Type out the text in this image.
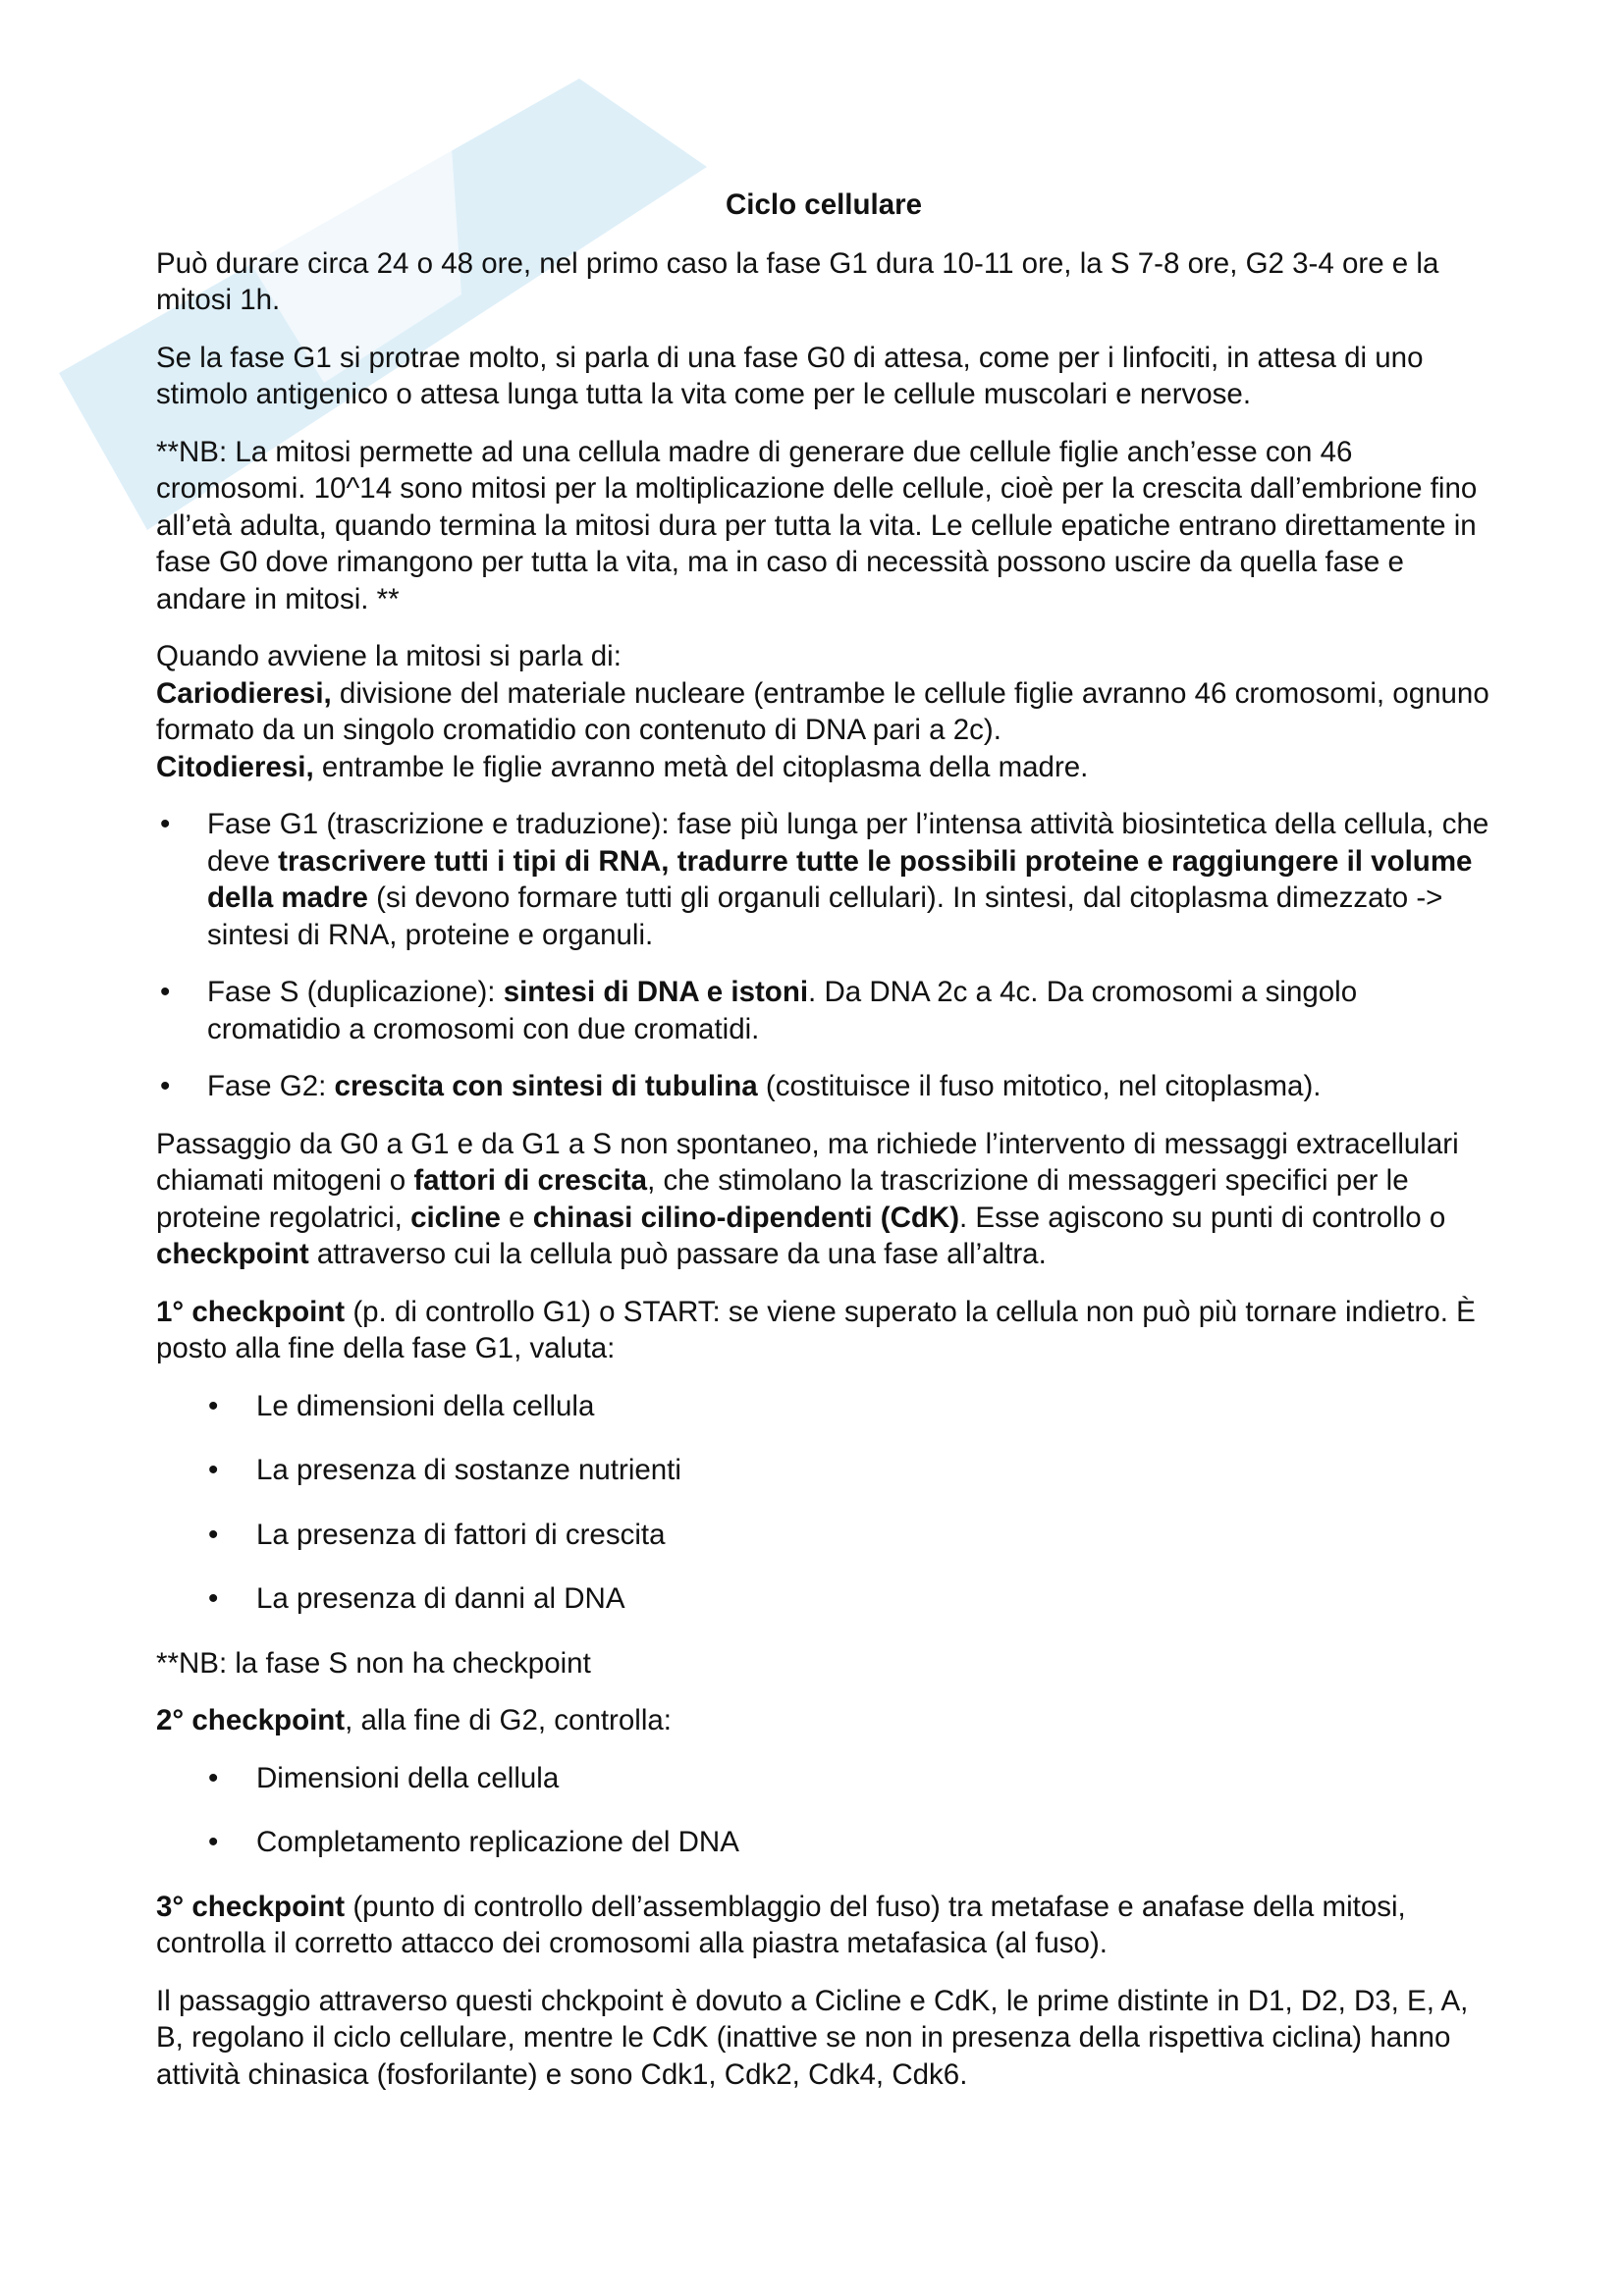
Ciclo cellulare

Può durare circa 24 o 48 ore, nel primo caso la fase G1 dura 10-11 ore, la S 7-8 ore, G2 3-4 ore e la mitosi 1h.

Se la fase G1 si protrae molto, si parla di una fase G0 di attesa, come per i linfociti, in attesa di uno stimolo antigenico o attesa lunga tutta la vita come per le cellule muscolari e nervose.

**NB: La mitosi permette ad una cellula madre di generare due cellule figlie anch’esse con 46 cromosomi. 10^14 sono mitosi per la moltiplicazione delle cellule, cioè per la crescita dall’embrione fino all’età adulta, quando termina la mitosi dura per tutta la vita. Le cellule epatiche entrano direttamente in fase G0 dove rimangono per tutta la vita, ma in caso di necessità possono uscire da quella fase e andare in mitosi. **

Quando avviene la mitosi si parla di:

Cariodieresi, divisione del materiale nucleare (entrambe le cellule figlie avranno 46 cromosomi, ognuno formato da un singolo cromatidio con contenuto di DNA pari a 2c).

Citodieresi, entrambe le figlie avranno metà del citoplasma della madre.

• Fase G1 (trascrizione e traduzione): fase più lunga per l’intensa attività biosintetica della cellula, che deve trascrivere tutti i tipi di RNA, tradurre tutte le possibili proteine e raggiungere il volume della madre (si devono formare tutti gli organuli cellulari). In sintesi, dal citoplasma dimezzato -> sintesi di RNA, proteine e organuli.
• Fase S (duplicazione): sintesi di DNA e istoni. Da DNA 2c a 4c. Da cromosomi a singolo cromatidio a cromosomi con due cromatidi.
• Fase G2: crescita con sintesi di tubulina (costituisce il fuso mitotico, nel citoplasma).

Passaggio da G0 a G1 e da G1 a S non spontaneo, ma richiede l’intervento di messaggi extracellulari chiamati mitogeni o fattori di crescita, che stimolano la trascrizione di messaggeri specifici per le proteine regolatrici, cicline e chinasi cilino-dipendenti (CdK). Esse agiscono su punti di controllo o checkpoint attraverso cui la cellula può passare da una fase all’altra.

1° checkpoint (p. di controllo G1) o START: se viene superato la cellula non può più tornare indietro. È posto alla fine della fase G1, valuta:

• Le dimensioni della cellula
• La presenza di sostanze nutrienti
• La presenza di fattori di crescita
• La presenza di danni al DNA

**NB: la fase S non ha checkpoint

2° checkpoint, alla fine di G2, controlla:

• Dimensioni della cellula
• Completamento replicazione del DNA

3° checkpoint (punto di controllo dell’assemblaggio del fuso) tra metafase e anafase della mitosi, controlla il corretto attacco dei cromosomi alla piastra metafasica (al fuso).

Il passaggio attraverso questi chckpoint è dovuto a Cicline e CdK, le prime distinte in D1, D2, D3, E, A, B, regolano il ciclo cellulare, mentre le CdK (inattive se non in presenza della rispettiva ciclina) hanno attività chinasica (fosforilante) e sono Cdk1, Cdk2, Cdk4, Cdk6.
